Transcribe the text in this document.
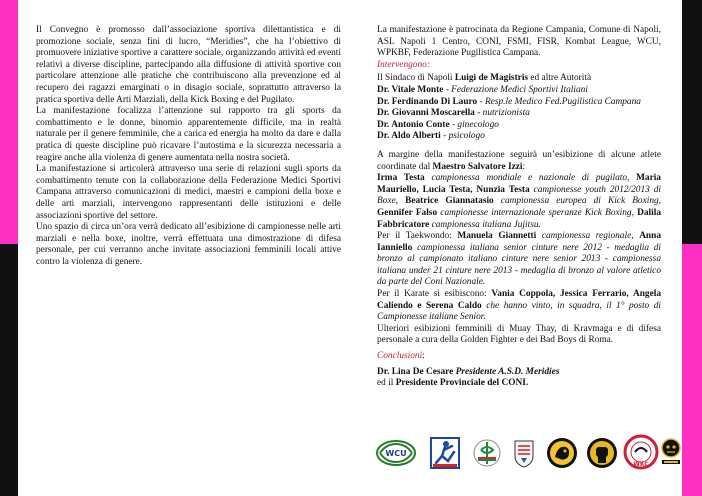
Il Convegno è promosso dall’associazione sportiva dilettantistica e di promozione sociale, senza fini di lucro, “Meridies”, che ha l’obiettivo di promuovere iniziative sportive a carattere sociale, organizzando attività ed eventi relativi a diverse discipline, partecipando alla diffusione di attività sportive con particolare attenzione alle pratiche che contribuiscono alla prevenzione ed al recupero dei ragazzi emarginati o in disagio sociale, soprattutto attraverso la pratica sportiva delle Arti Marziali, della Kick Boxing e del Pugilato.

La manifestazione focalizza l’attenzione sul rapporto tra gli sports da combattimento e le donne, binomio apparentemente difficile, ma in realtà naturale per il genere femminile, che a carica ed energia ha molto da dare e dalla pratica di queste discipline può ricavare l’autostima e la sicurezza necessaria a reagire anche alla violenza di genere aumentata nella nostra società.

La manifestazione si articolerà attraverso una serie di relazioni sugli sports da combattimento tenute con la collaborazione della Federazione Medici Sportivi Campana attraverso comunicazioni di medici, maestri e campioni della boxe e delle arti marziali, intervengono rappresentanti delle istituzioni e delle associazioni sportive del settore.

Uno spazio di circa un’ora verrà dedicato all’esibizione di campionesse nelle arti marziali e nella boxe, inoltre, verrà effettuata una dimostrazione di difesa personale, per cui verranno anche invitate associazioni femminili locali attive contro la violenza di genere.

La manifestazione è patrocinata da Regione Campania, Comune di Napoli, ASL Napoli 1 Centro, CONI, FSMI, FISR, Kombat League, WCU, WPKBF, Federazione Pugilistica Campana.

Intervengono:

Il Sindaco di Napoli Luigi de Magistris ed altre Autorità

Dr. Vitale Monte - Federazione Medici Sportivi Italiani

Dr. Ferdinando Di Lauro - Resp.le Medico Fed.Pugilistica Campana

Dr. Giovanni Moscarella - nutrizionista

Dr. Antonio Conte - ginecologo

Dr. Aldo Alberti - psicologo

A margine della manifestazione seguirà un’esibizione di alcune atlete coordinate dal Maestro Salvatore Izzi:

Irma Testa campionessa mondiale e nazionale di pugilato, Maria Mauriello, Lucia Testa, Nunzia Testa campionesse youth 2012/2013 di Boxe, Beatrice Giannatasio campionessa europea di Kick Boxing, Gennifer Falso campionesse internazionale speranze Kick Boxing, Dalila Fabbricatore campionessa italiana Jujitsu.

Per il Taekwondo: Manuela Giannetti campionessa regionale, Anna Ianniello campionessa italiana senior cinture nere 2012 - medaglia di bronzo al campionato italiano cinture nere senior 2013 - campionessa italiana under 21 cinture nere 2013 - medaglia di bronzo al valore atletico da parte del Coni Nazionale.

Per il Karate si esibiscono: Vania Coppola, Jessica Ferrario, Angela Caliendo e Serena Caldo che hanno vinto, in squadra, il 1° posto di Campionesse italiane Senior.

Ulteriori esibizioni femminili di Muay Thay, di Kravmaga e di difesa personale a cura della Golden Fighter e dei Bad Boys di Roma.

Conclusioni:

Dr. Lina De Cesare Presidente A.S.D. Meridies

ed il Presidente Provinciale del CONI.

WCU
WKC
